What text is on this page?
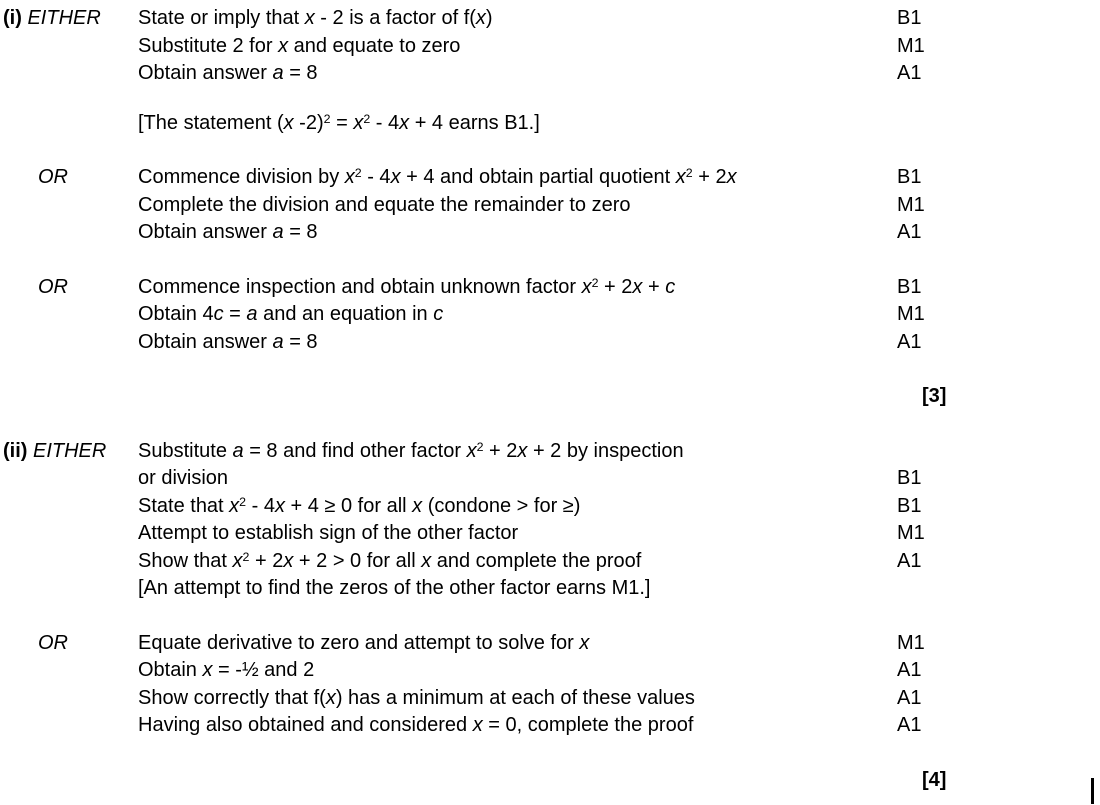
(i) EITHER	State or imply that x - 2 is a factor of f(x)	B1
Substitute 2 for x and equate to zero	M1
Obtain answer a = 8	A1
[The statement (x $-2)^2 = x^2 - 4x + 4$ earns B1.]
OR	Commence division by $x^2 - 4x + 4$ and obtain partial quotient $x^2 + 2x$	B1
Complete the division and equate the remainder to zero	M1
Obtain answer a = 8	A1
OR	Commence inspection and obtain unknown factor $x^2 + 2x + c$	B1
Obtain 4c = a and an equation in c	M1
Obtain answer a = 8	A1
[3]
(ii) EITHER	Substitute a = 8 and find other factor $x^2 + 2x + 2$ by inspection
or division	B1
State that $x^2 - 4x + 4 \ge 0$ for all x (condone > for ≥)	B1
Attempt to establish sign of the other factor	M1
Show that $x^2 + 2x + 2 > 0$ for all x and complete the proof	A1
[An attempt to find the zeros of the other factor earns M1.]
OR	Equate derivative to zero and attempt to solve for x	M1
Obtain x = -½ and 2	A1
Show correctly that f(x) has a minimum at each of these values	A1
Having also obtained and considered x = 0, complete the proof	A1
[4]
